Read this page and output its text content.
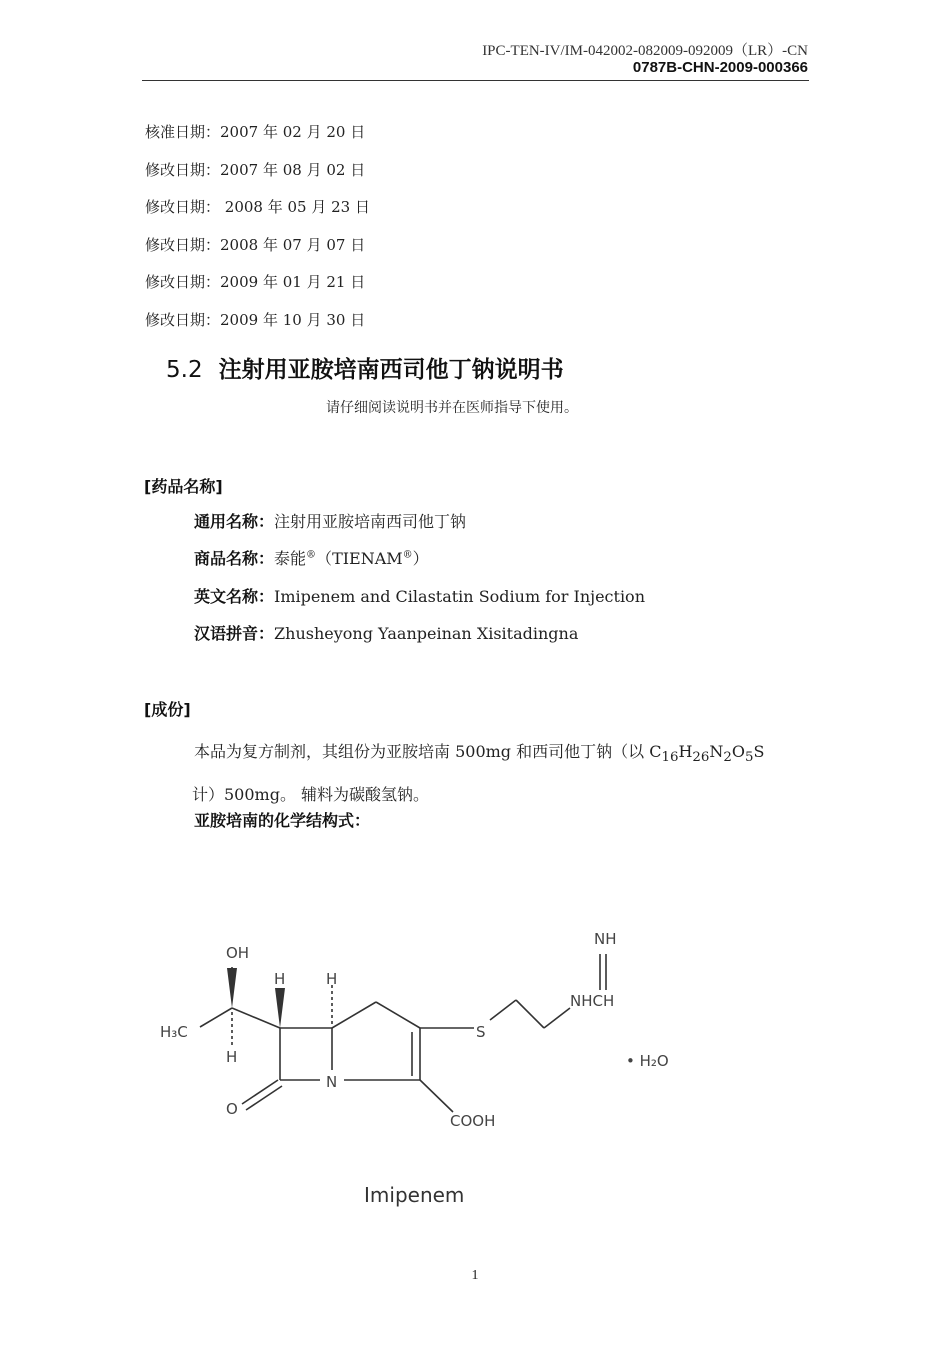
IPC-TEN-IV/IM-042002-082009-092009（LR）-CN
0787B-CHN-2009-000366
核准日期：2007 年 02 月 20 日
修改日期：2007 年 08 月 02 日
修改日期： 2008 年 05 月 23 日
修改日期：2008 年 07 月 07 日
修改日期：2009 年 01 月 21 日
修改日期：2009 年 10 月 30 日
5.2 注射用亚胺培南西司他丁钠说明书
请仔细阅读说明书并在医师指导下使用。
[药品名称]
通用名称：注射用亚胺培南西司他丁钠
商品名称：泰能®（TIENAM®）
英文名称：Imipenem and Cilastatin Sodium for Injection
汉语拼音：Zhusheyong Yaanpeinan Xisitadingna
[成份]
本品为复方制剂，其组份为亚胺培南 500mg 和西司他丁钠（以 $C_{16}H_{26}N_2O_5S$
计）500mg。 辅料为碳酸氢钠。
亚胺培南的化学结构式：
OH
H	H
H₃C
H
O
N
S
COOH
NH
NHCH
• H₂O
Imipenem
1
